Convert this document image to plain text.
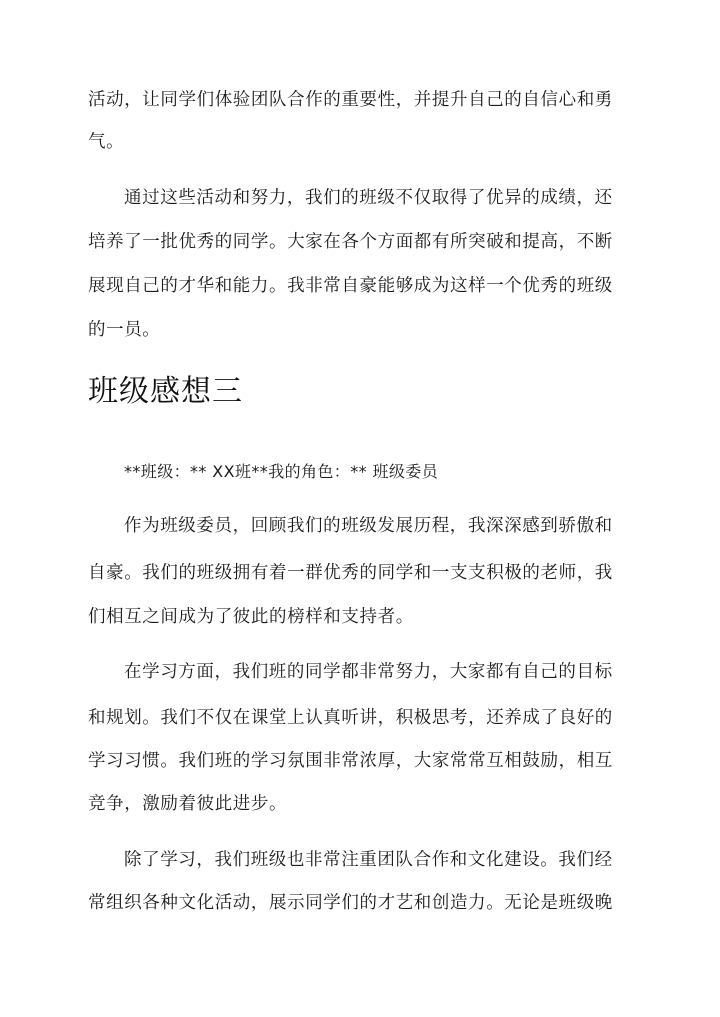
活动，让同学们体验团队合作的重要性，并提升自己的自信心和勇
气。
通过这些活动和努力，我们的班级不仅取得了优异的成绩，还
培养了一批优秀的同学。大家在各个方面都有所突破和提高，不断
展现自己的才华和能力。我非常自豪能够成为这样一个优秀的班级
的一员。
班级感想三
**班级：** XX班**我的角色：** 班级委员
作为班级委员，回顾我们的班级发展历程，我深深感到骄傲和
自豪。我们的班级拥有着一群优秀的同学和一支支积极的老师，我
们相互之间成为了彼此的榜样和支持者。
在学习方面，我们班的同学都非常努力，大家都有自己的目标
和规划。我们不仅在课堂上认真听讲，积极思考，还养成了良好的
学习习惯。我们班的学习氛围非常浓厚，大家常常互相鼓励，相互
竞争，激励着彼此进步。
除了学习，我们班级也非常注重团队合作和文化建设。我们经
常组织各种文化活动，展示同学们的才艺和创造力。无论是班级晚
